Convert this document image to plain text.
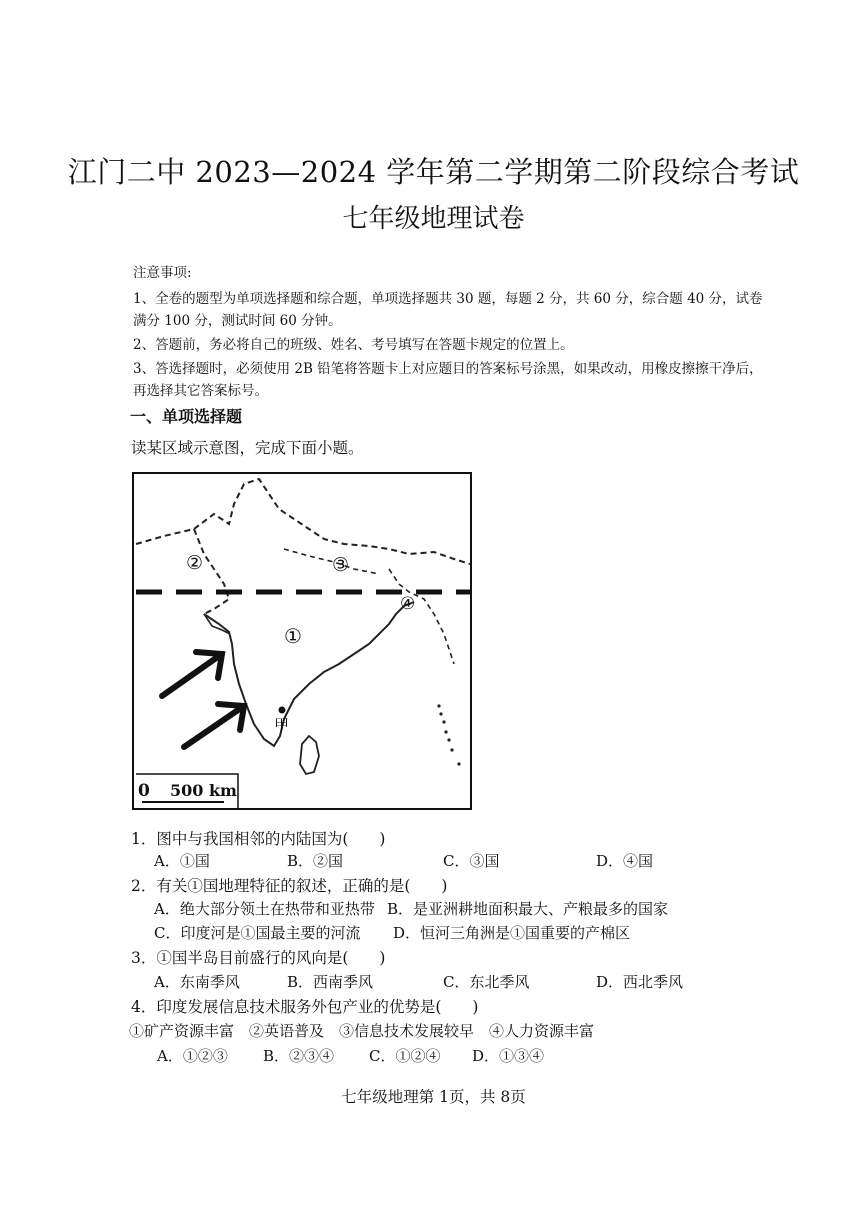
江门二中 2023—2024 学年第二学期第二阶段综合考试
七年级地理试卷
注意事项:
1、全卷的题型为单项选择题和综合题，单项选择题共 30 题，每题 2 分，共 60 分，综合题 40 分，试卷
满分 100 分，测试时间 60 分钟。
2、答题前，务必将自己的班级、姓名、考号填写在答题卡规定的位置上。
3、答选择题时，必须使用 2B 铅笔将答题卡上对应题目的答案标号涂黑，如果改动，用橡皮擦擦干净后，
再选择其它答案标号。
一、单项选择题
读某区域示意图，完成下面小题。
②	③
④
①
甲
0 500 km
1．图中与我国相邻的内陆国为(　　)
A．①国	B．②国	C．③国	D．④国
2．有关①国地理特征的叙述，正确的是(　　)
A．绝大部分领土在热带和亚热带 B．是亚洲耕地面积最大、产粮最多的国家
C．印度河是①国最主要的河流 D．恒河三角洲是①国重要的产棉区
3．①国半岛目前盛行的风向是(　　)
A．东南季风	B．西南季风	C．东北季风	D．西北季风
4．印度发展信息技术服务外包产业的优势是(　　)
①矿产资源丰富　②英语普及　③信息技术发展较早　④人力资源丰富
A．①②③ B．②③④ C．①②④ D．①③④
七年级地理第 1页，共 8页
